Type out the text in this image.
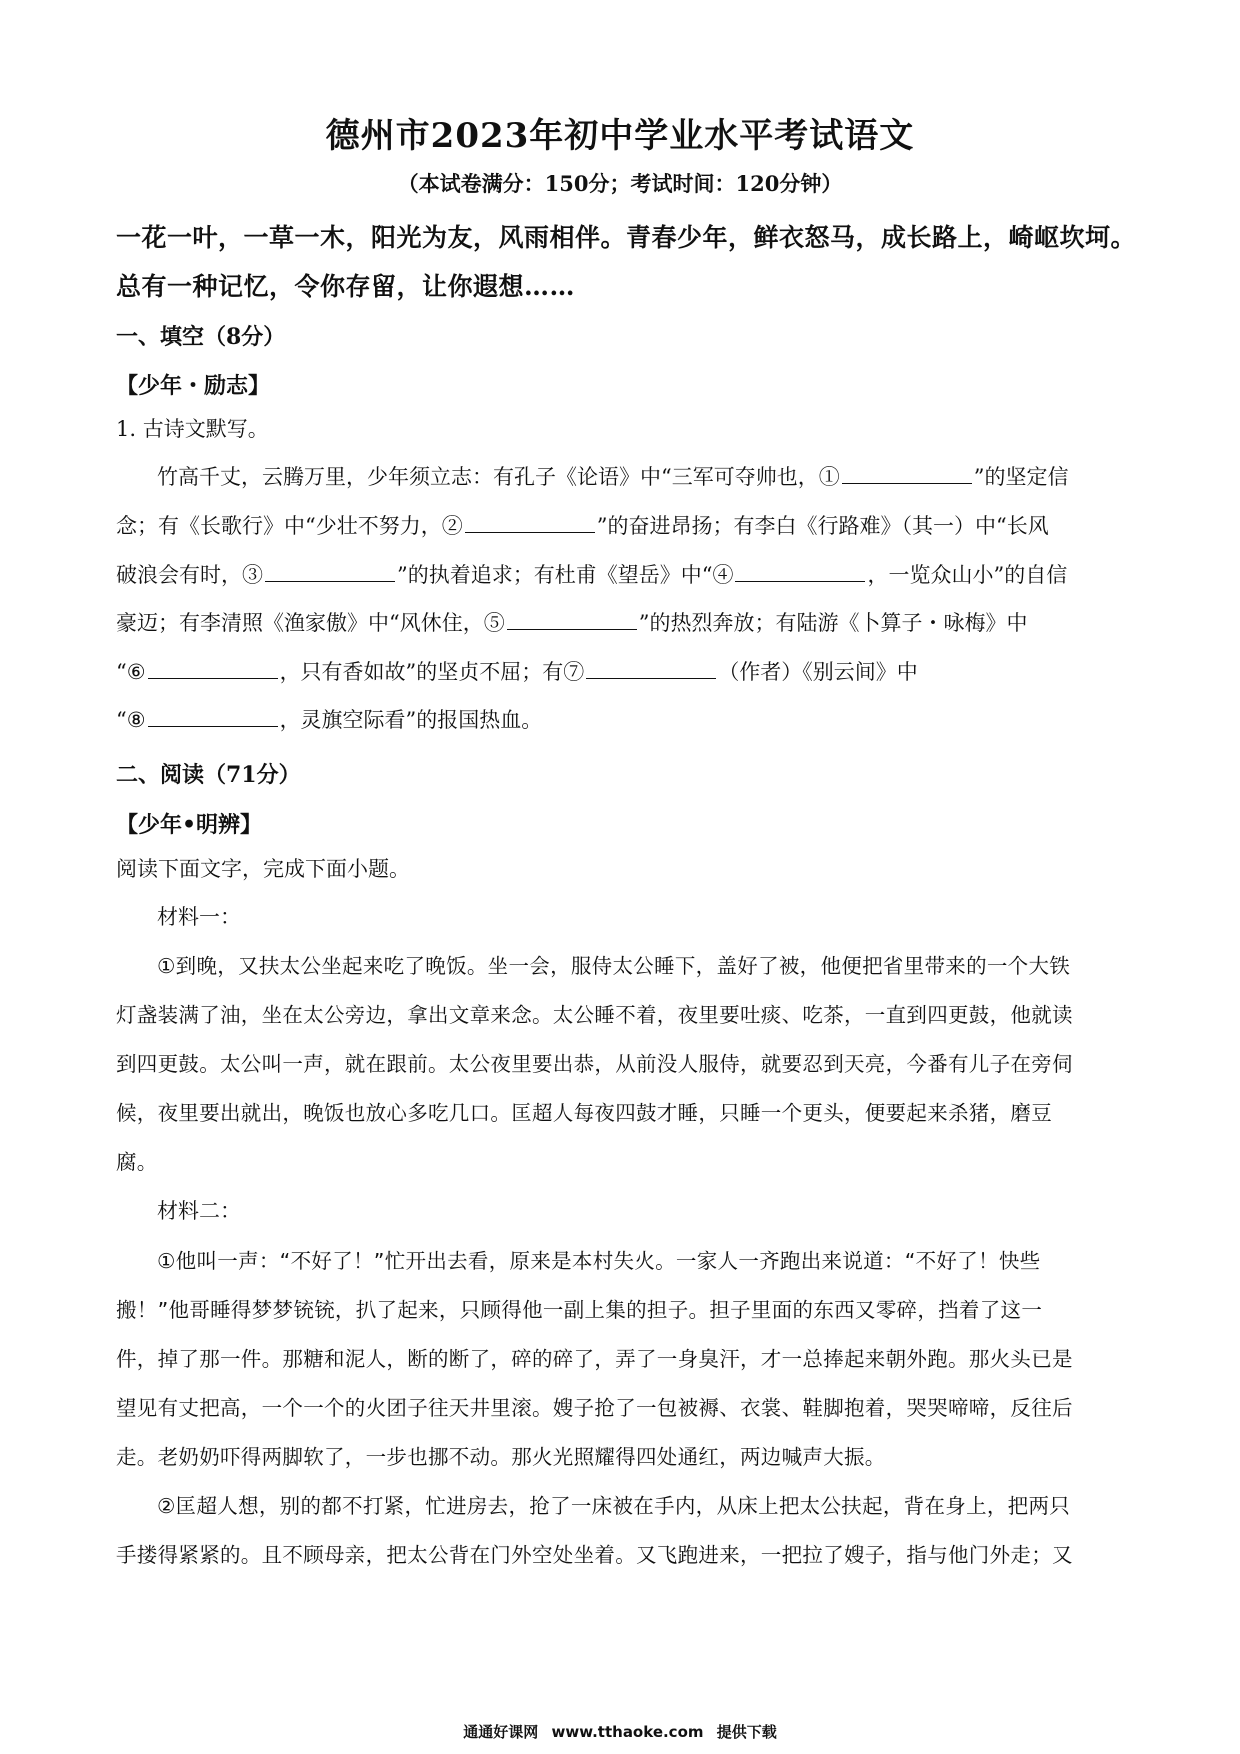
德州市2023年初中学业水平考试语文
（本试卷满分：150分；考试时间：120分钟）
一花一叶，一草一木，阳光为友，风雨相伴。青春少年，鲜衣怒马，成长路上，崎岖坎坷。
总有一种记忆，令你存留，让你遐想……
一、填空（8分）
【少年・励志】
1. 古诗文默写。
竹高千丈，云腾万里，少年须立志：有孔子《论语》中“三军可夺帅也，①	”的坚定信
念；有《长歌行》中“少壮不努力，②	”的奋进昂扬；有李白《行路难》（其一）中“长风
破浪会有时，③	”的执着追求；有杜甫《望岳》中“④	，一览众山小”的自信
豪迈；有李清照《渔家傲》中“风休住，⑤	”的热烈奔放；有陆游《卜算子・咏梅》中
“⑥	，只有香如故”的坚贞不屈；有⑦	（作者）《别云间》中
“⑧	，灵旗空际看”的报国热血。
二、阅读（71分）
【少年•明辨】
阅读下面文字，完成下面小题。
材料一：
①到晚，又扶太公坐起来吃了晚饭。坐一会，服侍太公睡下，盖好了被，他便把省里带来的一个大铁
灯盏装满了油，坐在太公旁边，拿出文章来念。太公睡不着，夜里要吐痰、吃茶，一直到四更鼓，他就读
到四更鼓。太公叫一声，就在跟前。太公夜里要出恭，从前没人服侍，就要忍到天亮，今番有儿子在旁伺
候，夜里要出就出，晚饭也放心多吃几口。匡超人每夜四鼓才睡，只睡一个更头，便要起来杀猪，磨豆
腐。
材料二：
①他叫一声：“不好了！”忙开出去看，原来是本村失火。一家人一齐跑出来说道：“不好了！快些
搬！”他哥睡得梦梦铳铳，扒了起来，只顾得他一副上集的担子。担子里面的东西又零碎，挡着了这一
件，掉了那一件。那糖和泥人，断的断了，碎的碎了，弄了一身臭汗，才一总捧起来朝外跑。那火头已是
望见有丈把高，一个一个的火团子往天井里滚。嫂子抢了一包被褥、衣裳、鞋脚抱着，哭哭啼啼，反往后
走。老奶奶吓得两脚软了，一步也挪不动。那火光照耀得四处通红，两边喊声大振。
②匡超人想，别的都不打紧，忙进房去，抢了一床被在手内，从床上把太公扶起，背在身上，把两只
手搂得紧紧的。且不顾母亲，把太公背在门外空处坐着。又飞跑进来，一把拉了嫂子，指与他门外走；又
通通好课网 www.tthaoke.com 提供下载
